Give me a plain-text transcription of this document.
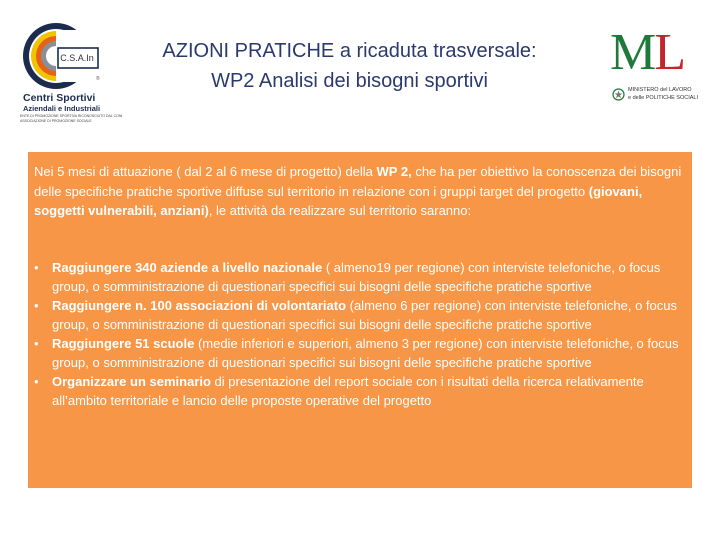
®
C.S.A.In
Centri Sportivi
Aziendali e Industriali
ENTE DI PROMOZIONE SPORTIVA RICONOSCIUTO DAL CONI
ASSOCIAZIONE DI PROMOZIONE SOCIALE
AZIONI PRATICHE a ricaduta trasversale:
WP2 Analisi dei bisogni sportivi	ML
MINISTERO del LAVORO
e delle POLITICHE SOCIALI
Nei 5 mesi di attuazione ( dal 2 al 6 mese di progetto) della WP 2, che ha per obiettivo la conoscenza dei bisogni delle specifiche pratiche sportive diffuse sul territorio in relazione con i gruppi target del progetto (giovani, soggetti vulnerabili, anziani), le attività da realizzare sul territorio saranno:
• Raggiungere 340 aziende a livello nazionale ( almeno19 per regione) con interviste telefoniche, o focus group, o somministrazione di questionari specifici sui bisogni delle specifiche pratiche sportive
• Raggiungere n. 100 associazioni di volontariato (almeno 6 per regione) con interviste telefoniche, o focus group, o somministrazione di questionari specifici sui bisogni delle specifiche pratiche sportive
• Raggiungere 51 scuole (medie inferiori e superiori, almeno 3 per regione) con interviste telefoniche, o focus group, o somministrazione di questionari specifici sui bisogni delle specifiche pratiche sportive
• Organizzare un seminario di presentazione del report sociale con i risultati della ricerca relativamente all’ambito territoriale e lancio delle proposte operative del progetto
